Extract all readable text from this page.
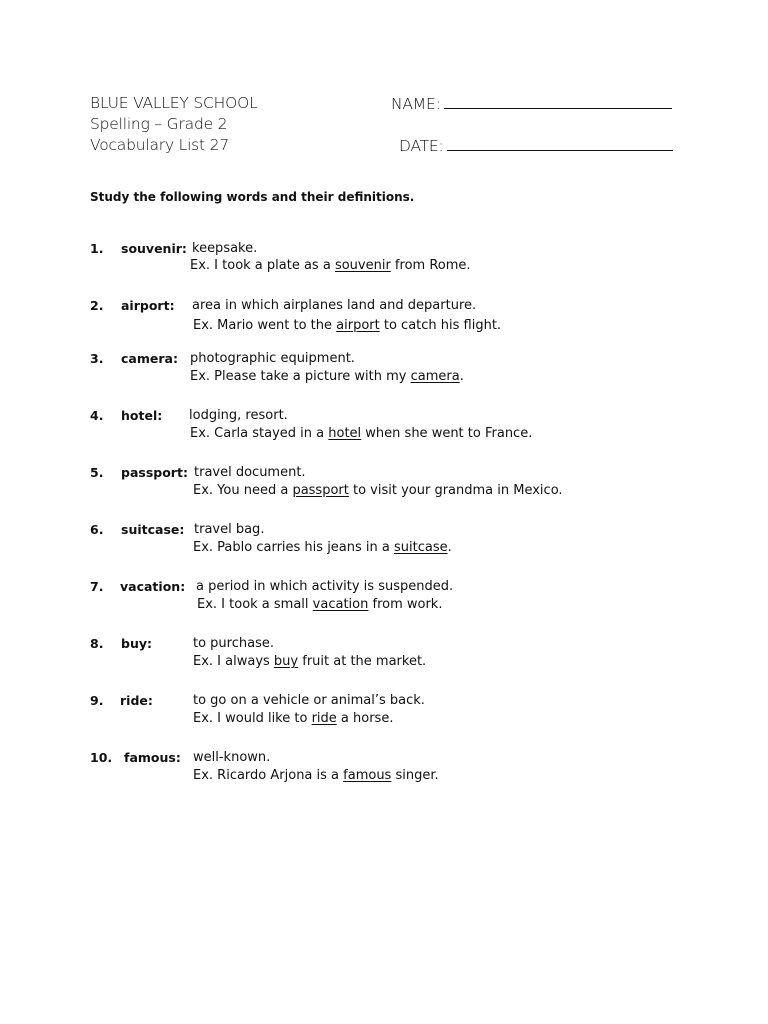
BLUE VALLEY SCHOOL
Spelling – Grade 2
Vocabulary List 27
NAME:
DATE:
Study the following words and their definitions.
1. souvenir: keepsake.
Ex. I took a plate as a souvenir from Rome.
2. airport: area in which airplanes land and departure.
Ex. Mario went to the airport to catch his flight.
3. camera: photographic equipment.
Ex. Please take a picture with my camera.
4. hotel: lodging, resort.
Ex. Carla stayed in a hotel when she went to France.
5. passport: travel document.
Ex. You need a passport to visit your grandma in Mexico.
6. suitcase: travel bag.
Ex. Pablo carries his jeans in a suitcase.
7. vacation: a period in which activity is suspended.
Ex. I took a small vacation from work.
8. buy:	to purchase.
Ex. I always buy fruit at the market.
9. ride:	to go on a vehicle or animal’s back.
Ex. I would like to ride a horse.
10. famous: well-known.
Ex. Ricardo Arjona is a famous singer.
